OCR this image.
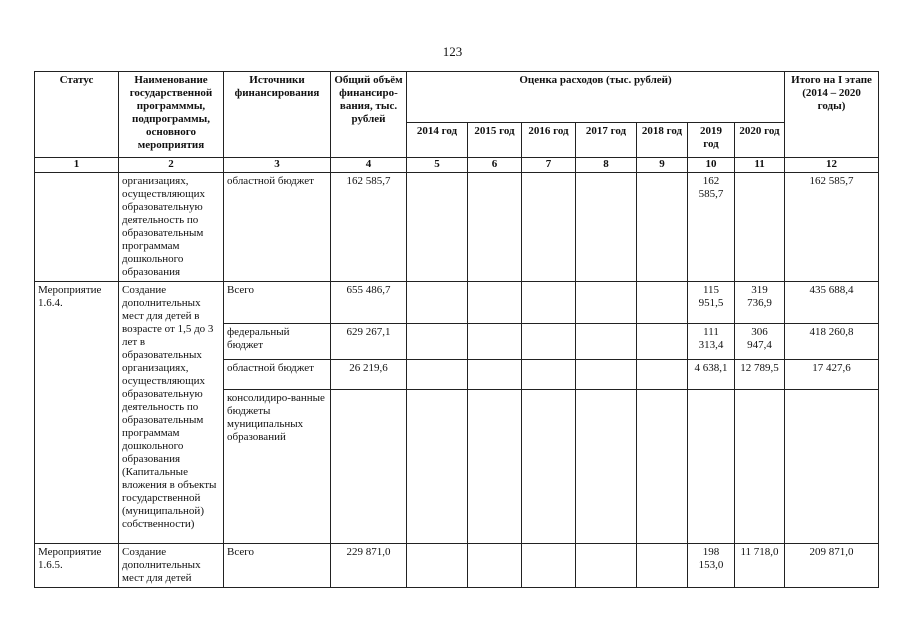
123
Статус	Наименование государственной программмы, подпрограммы, основного мероприятия	Источники финансирования	Общий объём финансиро-вания, тыс. рублей	Оценка расходов (тыс. рублей)							Итого на I этапе (2014 – 2020 годы)
				2014 год	2015 год	2016 год	2017 год	2018 год	2019 год	2020 год	
1	2	3	4	5	6	7	8	9	10	11	12
	организациях, осуществляющих образовательную деятельность по образовательным программам дошкольного образования	областной бюджет	162 585,7						162 585,7		162 585,7
Мероприятие 1.6.4.	Создание дополнительных мест для детей в возрасте от 1,5 до 3 лет в образовательных организациях, осуществляющих образовательную деятельность по образовательным программам дошкольного образования (Капитальные вложения в объекты государственной (муниципальной) собственности)	Всего	655 486,7						115 951,5	319 736,9	435 688,4
		федеральный бюджет	629 267,1						111 313,4	306 947,4	418 260,8
		областной бюджет	26 219,6						4 638,1	12 789,5	17 427,6
		консолидиро-ванные бюджеты муниципальных образований									
Мероприятие 1.6.5.	Создание дополнительных мест для детей	Всего	229 871,0						198 153,0	11 718,0	209 871,0
